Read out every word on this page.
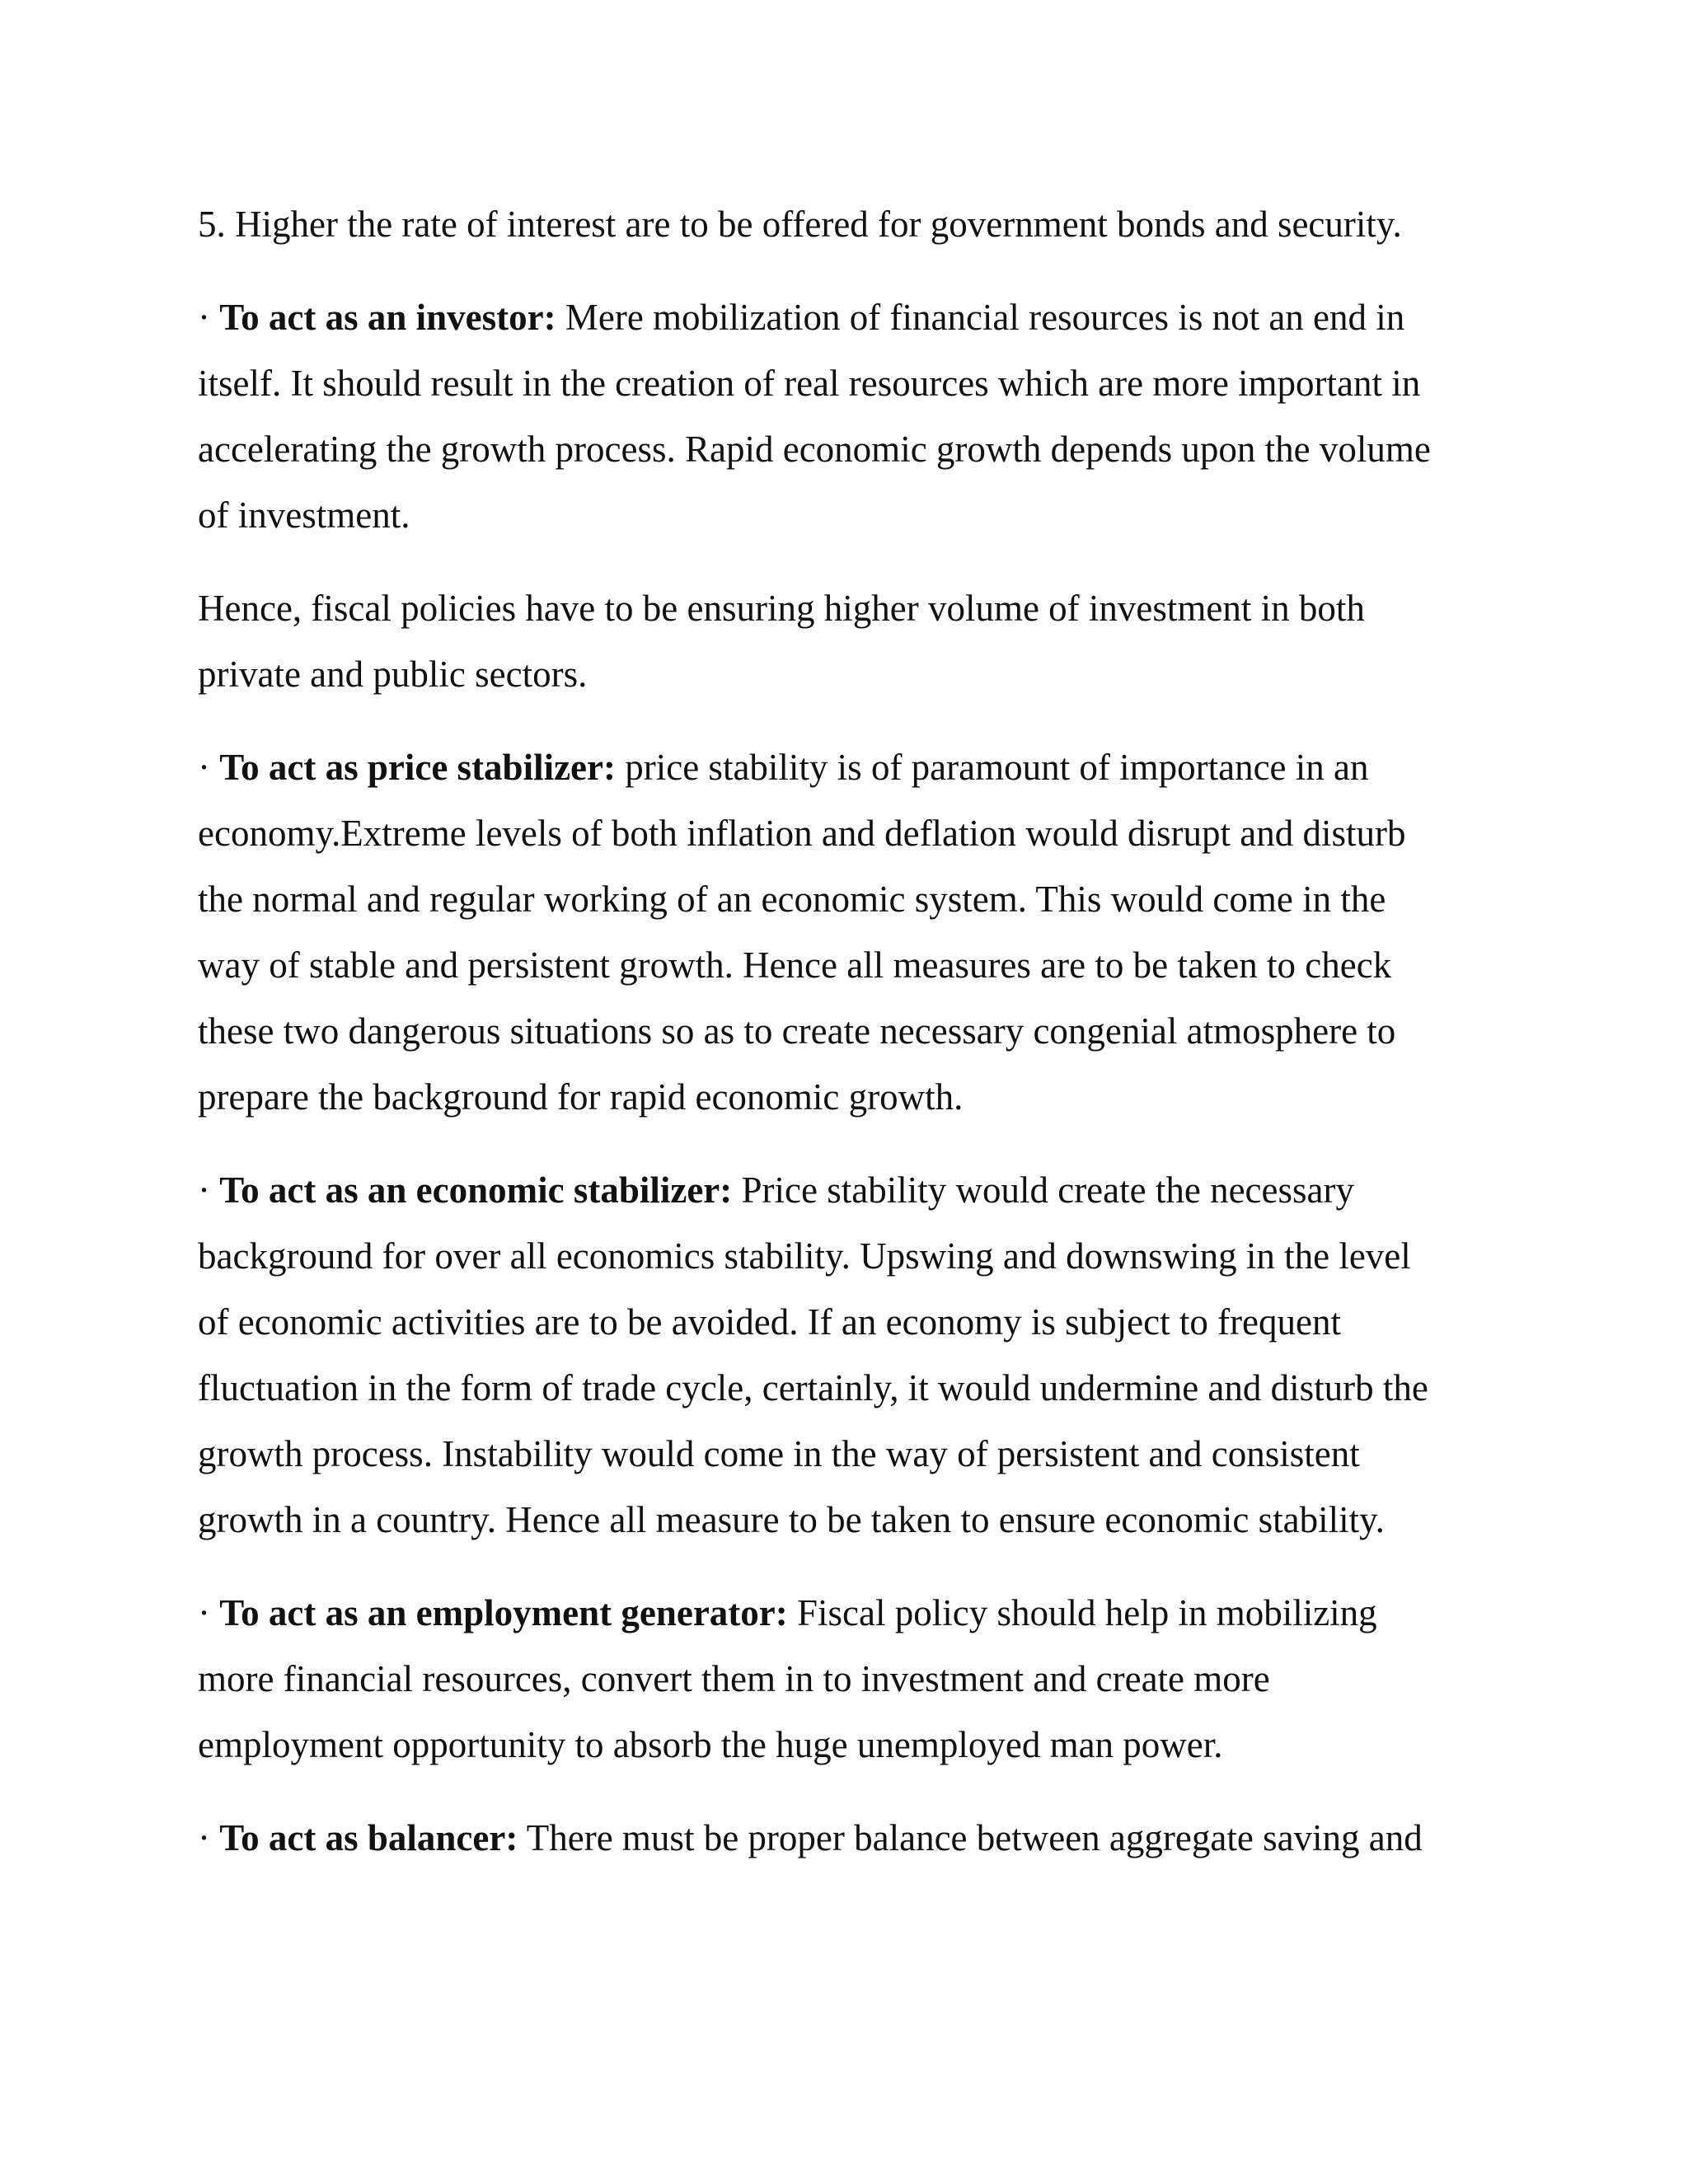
5. Higher the rate of interest are to be offered for government bonds and security.

· To act as an investor: Mere mobilization of financial resources is not an end in
itself. It should result in the creation of real resources which are more important in
accelerating the growth process. Rapid economic growth depends upon the volume
of investment.

Hence, fiscal policies have to be ensuring higher volume of investment in both
private and public sectors.

· To act as price stabilizer: price stability is of paramount of importance in an
economy.Extreme levels of both inflation and deflation would disrupt and disturb
the normal and regular working of an economic system. This would come in the
way of stable and persistent growth. Hence all measures are to be taken to check
these two dangerous situations so as to create necessary congenial atmosphere to
prepare the background for rapid economic growth.

· To act as an economic stabilizer: Price stability would create the necessary
background for over all economics stability. Upswing and downswing in the level
of economic activities are to be avoided. If an economy is subject to frequent
fluctuation in the form of trade cycle, certainly, it would undermine and disturb the
growth process. Instability would come in the way of persistent and consistent
growth in a country. Hence all measure to be taken to ensure economic stability.

· To act as an employment generator: Fiscal policy should help in mobilizing
more financial resources, convert them in to investment and create more
employment opportunity to absorb the huge unemployed man power.

· To act as balancer: There must be proper balance between aggregate saving and
